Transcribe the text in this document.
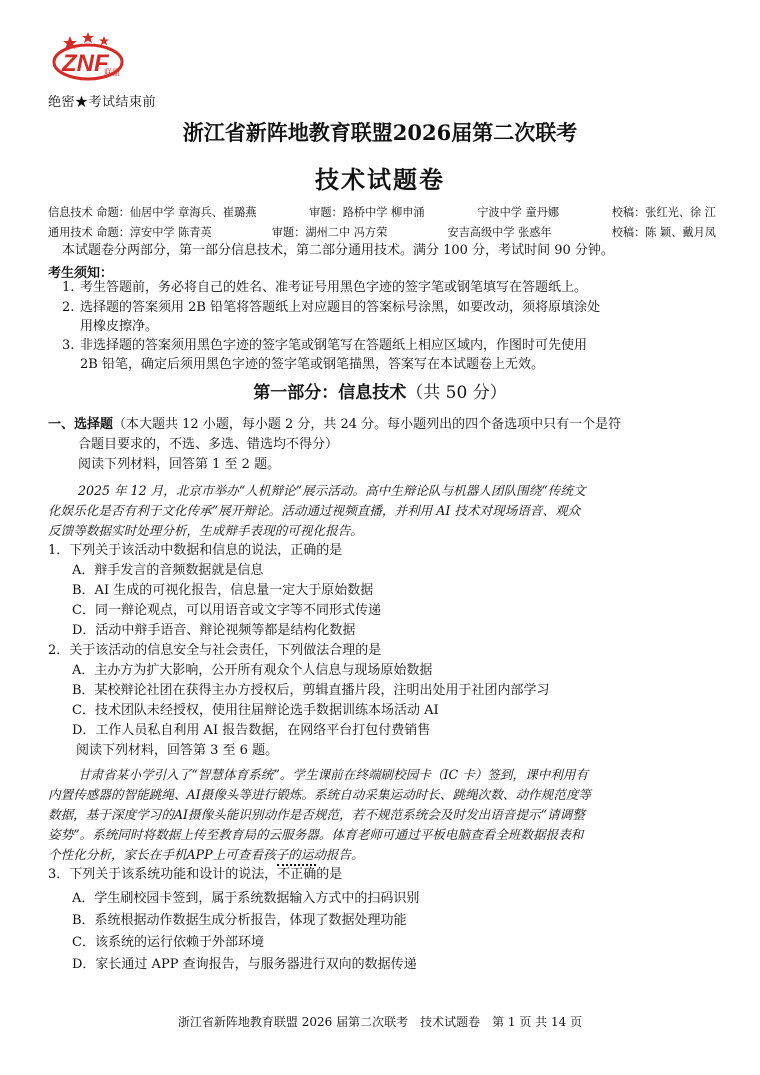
ZNF
联盟
绝密★考试结束前
浙江省新阵地教育联盟2026届第二次联考
技术试题卷
信息技术 命题：仙居中学 章海兵、崔璐燕	审题：路桥中学 柳申涌	宁波中学 童丹娜	校稿：张红光、徐 江
通用技术 命题：淳安中学 陈青英	审题：湖州二中 冯方荣	安吉高级中学 张惑年	校稿：陈 颖、戴月凤
本试题卷分两部分，第一部分信息技术，第二部分通用技术。满分 100 分，考试时间 90 分钟。
考生须知：
1. 考生答题前，务必将自己的姓名、准考证号用黑色字迹的签字笔或钢笔填写在答题纸上。
2. 选择题的答案须用 2B 铅笔将答题纸上对应题目的答案标号涂黑，如要改动，须将原填涂处
用橡皮擦净。
3. 非选择题的答案须用黑色字迹的签字笔或钢笔写在答题纸上相应区域内，作图时可先使用
2B 铅笔，确定后须用黑色字迹的签字笔或钢笔描黑，答案写在本试题卷上无效。
第一部分：信息技术（共 50 分）
一、选择题（本大题共 12 小题，每小题 2 分，共 24 分。每小题列出的四个备选项中只有一个是符
合题目要求的，不选、多选、错选均不得分）
阅读下列材料，回答第 1 至 2 题。
2025 年 12 月，北京市举办“人机辩论”展示活动。高中生辩论队与机器人团队围绕“传统文
化娱乐化是否有利于文化传承”展开辩论。活动通过视频直播，并利用 AI 技术对现场语音、观众
反馈等数据实时处理分析，生成辩手表现的可视化报告。
1．下列关于该活动中数据和信息的说法，正确的是
A．辩手发言的音频数据就是信息
B．AI 生成的可视化报告，信息量一定大于原始数据
C．同一辩论观点，可以用语音或文字等不同形式传递
D．活动中辩手语音、辩论视频等都是结构化数据
2．关于该活动的信息安全与社会责任，下列做法合理的是
A．主办方为扩大影响，公开所有观众个人信息与现场原始数据
B．某校辩论社团在获得主办方授权后，剪辑直播片段，注明出处用于社团内部学习
C．技术团队未经授权，使用往届辩论选手数据训练本场活动 AI
D．工作人员私自利用 AI 报告数据，在网络平台打包付费销售
阅读下列材料，回答第 3 至 6 题。
甘肃省某小学引入了“智慧体育系统”。学生课前在终端刷校园卡（IC 卡）签到，课中利用有
内置传感器的智能跳绳、AI摄像头等进行锻炼。系统自动采集运动时长、跳绳次数、动作规范度等
数据，基于深度学习的AI摄像头能识别动作是否规范，若不规范系统会及时发出语音提示“请调整
姿势”。系统同时将数据上传至教育局的云服务器。体育老师可通过平板电脑查看全班数据报表和
个性化分析，家长在手机APP上可查看孩子的运动报告。
3．下列关于该系统功能和设计的说法，不正确的是
A．学生刷校园卡签到，属于系统数据输入方式中的扫码识别
B．系统根据动作数据生成分析报告，体现了数据处理功能
C．该系统的运行依赖于外部环境
D．家长通过 APP 查询报告，与服务器进行双向的数据传递
浙江省新阵地教育联盟 2026 届第二次联考　技术试题卷　第 1 页 共 14 页
